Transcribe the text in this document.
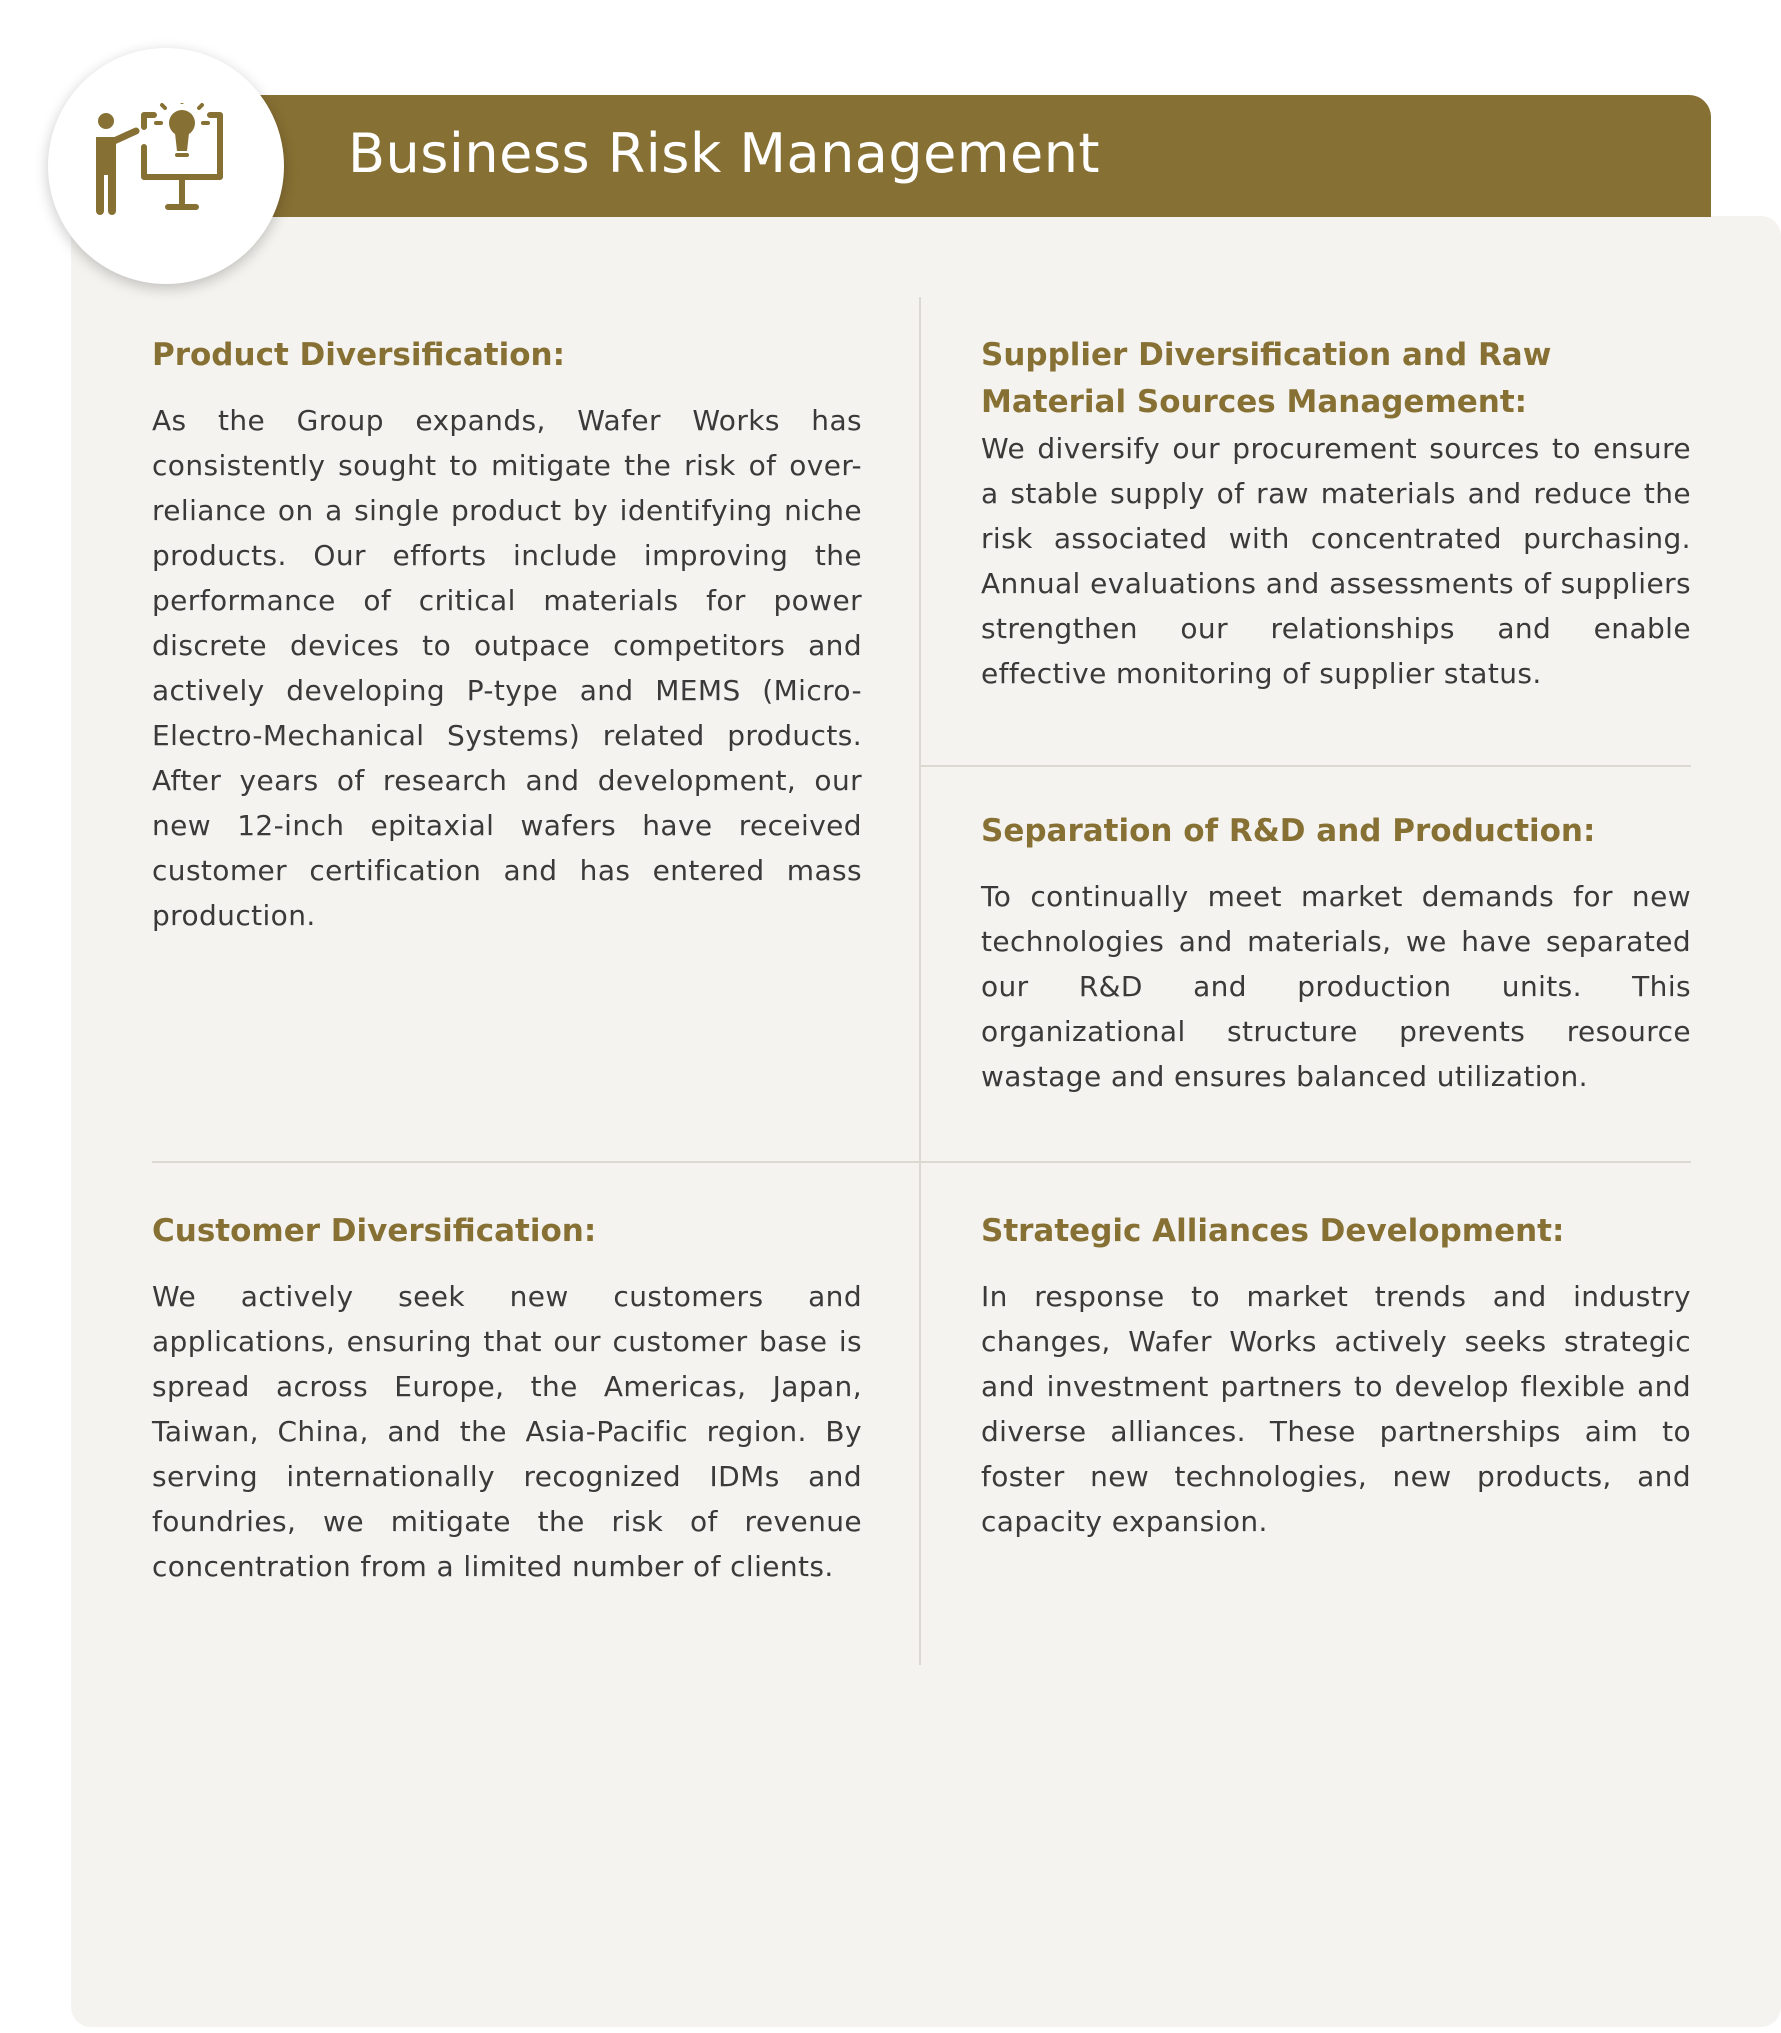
Business Risk Management
Product Diversification:

As the Group expands, Wafer Works has consistently sought to mitigate the risk of over-reliance on a single product by identifying niche products. Our efforts include improving the performance of critical materials for power discrete devices to outpace competitors and actively developing P-type and MEMS (Micro-Electro-Mechanical Systems) related products. After years of research and development, our new 12-inch epitaxial wafers have received customer certification and has entered mass production.

Supplier Diversification and Raw Material Sources Management:

We diversify our procurement sources to ensure a stable supply of raw materials and reduce the risk associated with concentrated purchasing. Annual evaluations and assessments of suppliers strengthen our relationships and enable effective monitoring of supplier status.

Separation of R&D and Production:

To continually meet market demands for new technologies and materials, we have separated our R&D and production units. This organizational structure prevents resource wastage and ensures balanced utilization.

Customer Diversification:

We actively seek new customers and applications, ensuring that our customer base is spread across Europe, the Americas, Japan, Taiwan, China, and the Asia-Pacific region. By serving internationally recognized IDMs and foundries, we mitigate the risk of revenue concentration from a limited number of clients.

Strategic Alliances Development:

In response to market trends and industry changes, Wafer Works actively seeks strategic and investment partners to develop flexible and diverse alliances. These partnerships aim to foster new technologies, new products, and capacity expansion.
